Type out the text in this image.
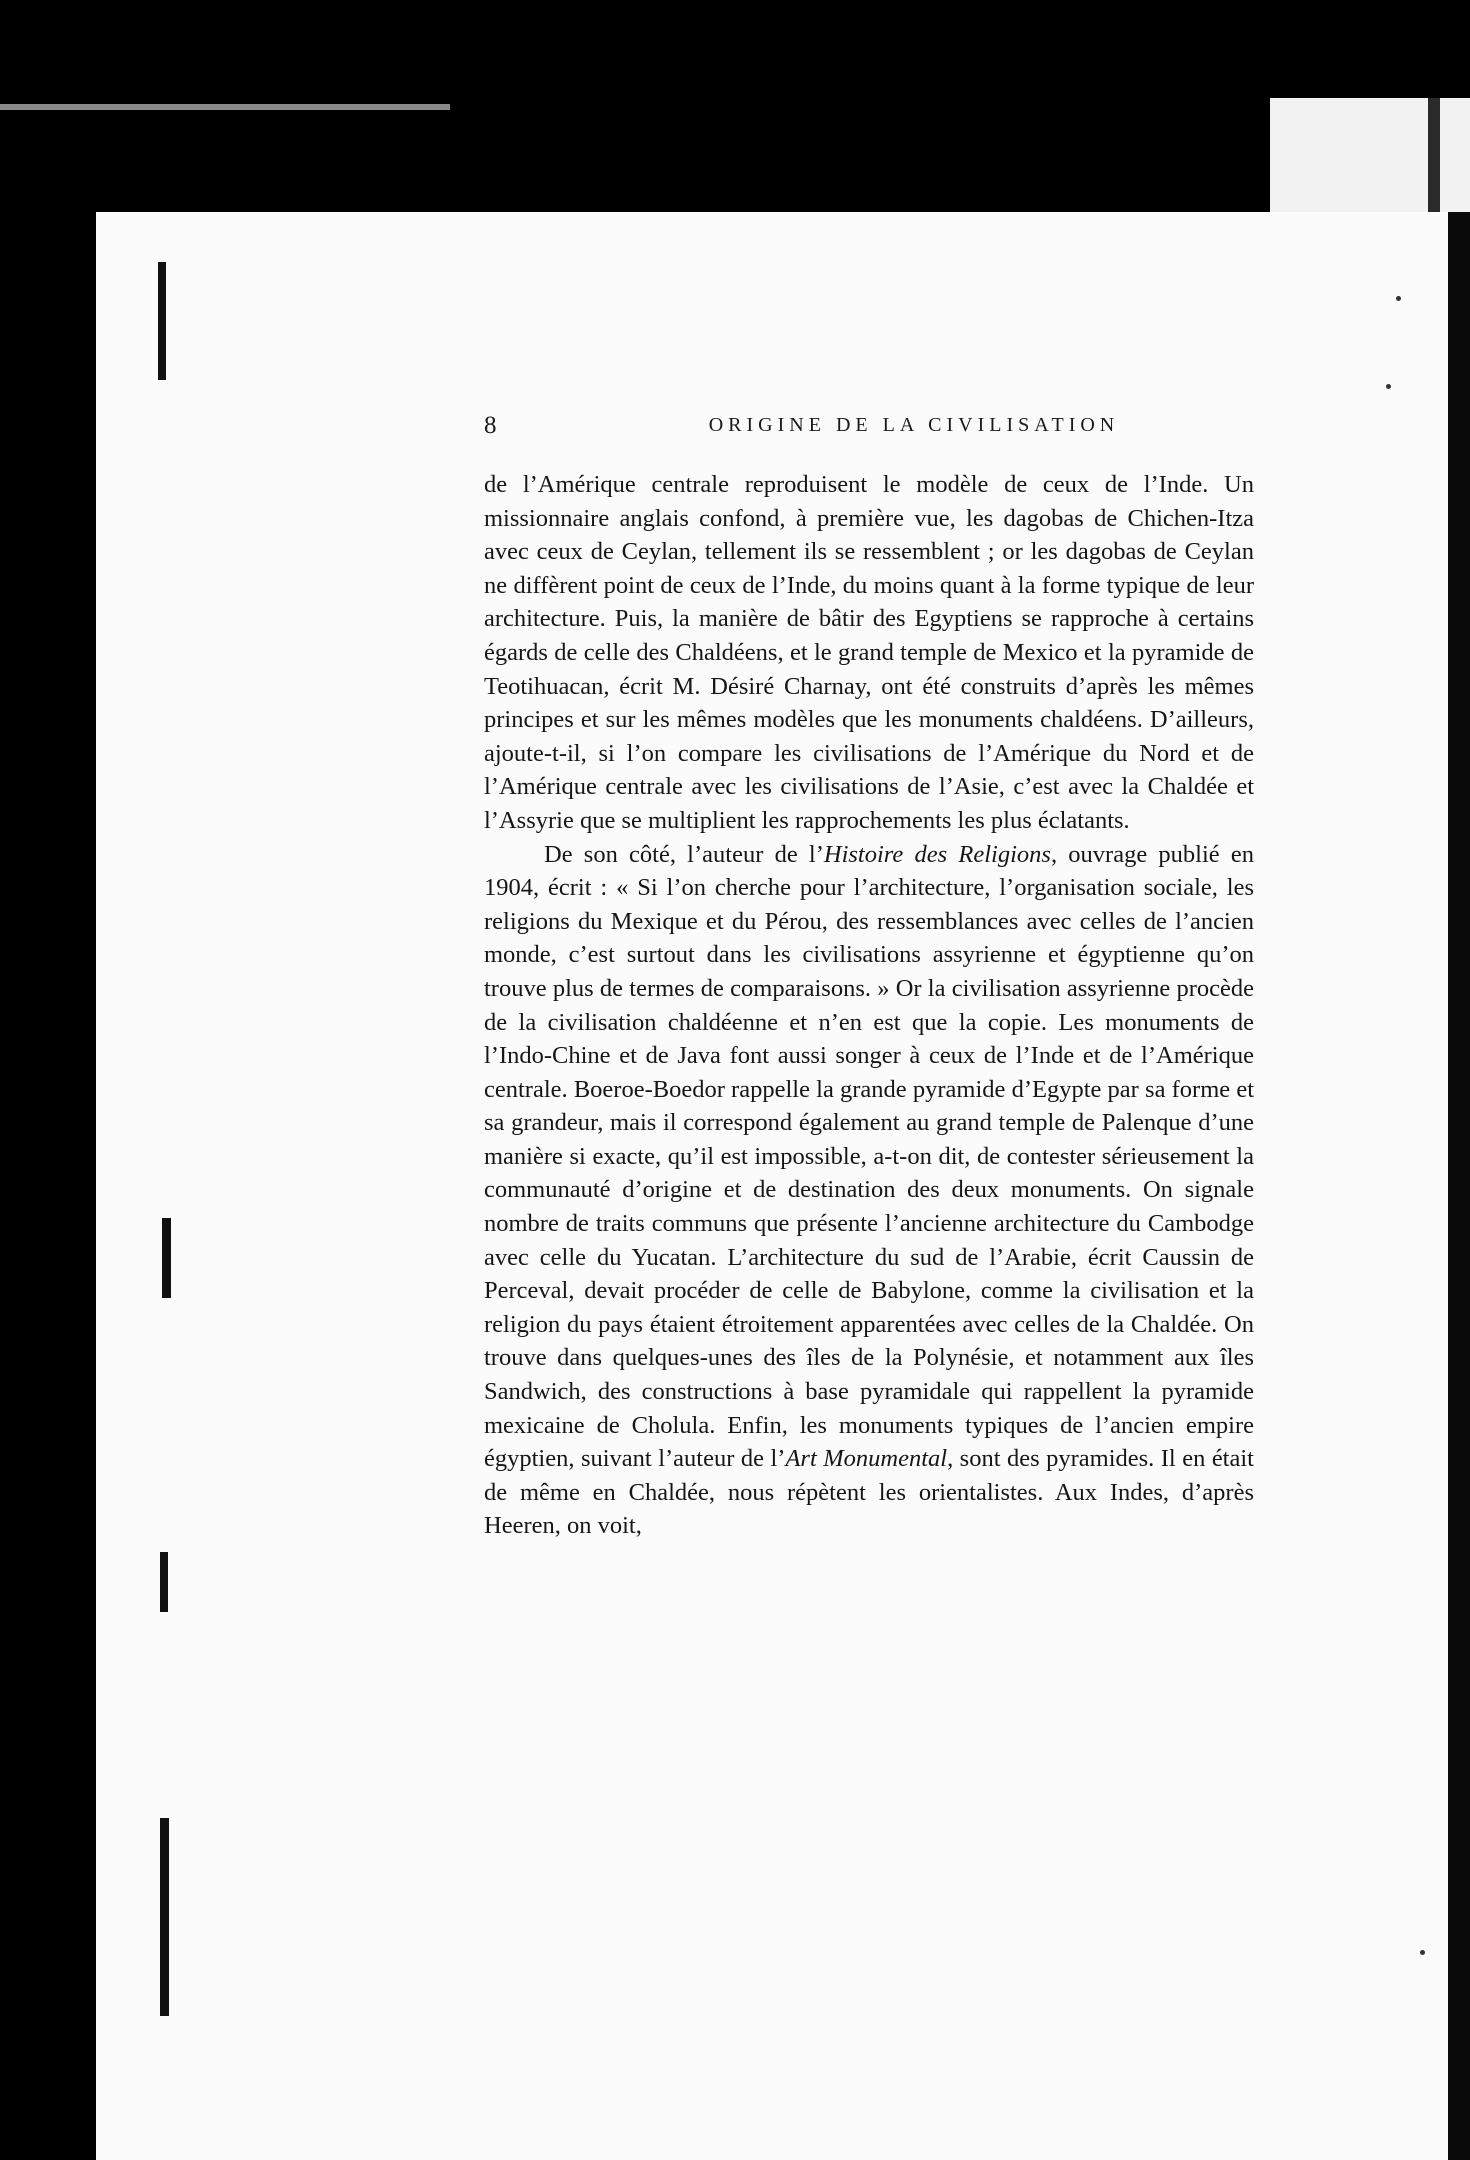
8	ORIGINE DE LA CIVILISATION

de l’Amérique centrale reproduisent le modèle de ceux de l’Inde. Un missionnaire anglais confond, à première vue, les dagobas de Chichen-Itza avec ceux de Ceylan, tellement ils se ressemblent ; or les dagobas de Ceylan ne diffèrent point de ceux de l’Inde, du moins quant à la forme typique de leur architecture. Puis, la manière de bâtir des Egyptiens se rapproche à certains égards de celle des Chaldéens, et le grand temple de Mexico et la pyramide de Teotihuacan, écrit M. Désiré Charnay, ont été construits d’après les mêmes principes et sur les mêmes modèles que les monuments chaldéens. D’ailleurs, ajoute-t-il, si l’on compare les civilisations de l’Amérique du Nord et de l’Amérique centrale avec les civilisations de l’Asie, c’est avec la Chaldée et l’Assyrie que se multiplient les rapprochements les plus éclatants.

De son côté, l’auteur de l’Histoire des Religions, ouvrage publié en 1904, écrit : « Si l’on cherche pour l’architecture, l’organisation sociale, les religions du Mexique et du Pérou, des ressemblances avec celles de l’ancien monde, c’est surtout dans les civilisations assyrienne et égyptienne qu’on trouve plus de termes de comparaisons. » Or la civilisation assyrienne procède de la civilisation chaldéenne et n’en est que la copie. Les monuments de l’Indo-Chine et de Java font aussi songer à ceux de l’Inde et de l’Amérique centrale. Boeroe-Boedor rappelle la grande pyramide d’Egypte par sa forme et sa grandeur, mais il correspond également au grand temple de Palenque d’une manière si exacte, qu’il est impossible, a-t-on dit, de contester sérieusement la communauté d’origine et de destination des deux monuments. On signale nombre de traits communs que présente l’ancienne architecture du Cambodge avec celle du Yucatan. L’architecture du sud de l’Arabie, écrit Caussin de Perceval, devait procéder de celle de Babylone, comme la civilisation et la religion du pays étaient étroitement apparentées avec celles de la Chaldée. On trouve dans quelques-unes des îles de la Polynésie, et notamment aux îles Sandwich, des constructions à base pyramidale qui rappellent la pyramide mexicaine de Cholula. Enfin, les monuments typiques de l’ancien empire égyptien, suivant l’auteur de l’Art Monumental, sont des pyramides. Il en était de même en Chaldée, nous répètent les orientalistes. Aux Indes, d’après Heeren, on voit,
